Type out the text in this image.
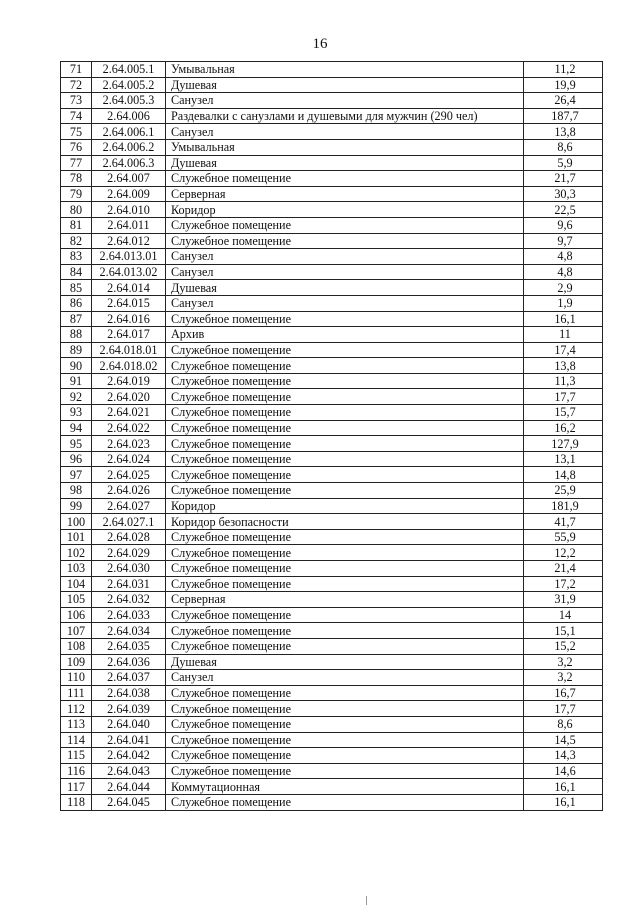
16
71	2.64.005.1	Умывальная	11,2
72	2.64.005.2	Душевая	19,9
73	2.64.005.3	Санузел	26,4
74	2.64.006	Раздевалки с санузлами и душевыми для мужчин (290 чел)	187,7
75	2.64.006.1	Санузел	13,8
76	2.64.006.2	Умывальная	8,6
77	2.64.006.3	Душевая	5,9
78	2.64.007	Служебное помещение	21,7
79	2.64.009	Серверная	30,3
80	2.64.010	Коридор	22,5
81	2.64.011	Служебное помещение	9,6
82	2.64.012	Служебное помещение	9,7
83	2.64.013.01	Санузел	4,8
84	2.64.013.02	Санузел	4,8
85	2.64.014	Душевая	2,9
86	2.64.015	Санузел	1,9
87	2.64.016	Служебное помещение	16,1
88	2.64.017	Архив	11
89	2.64.018.01	Служебное помещение	17,4
90	2.64.018.02	Служебное помещение	13,8
91	2.64.019	Служебное помещение	11,3
92	2.64.020	Служебное помещение	17,7
93	2.64.021	Служебное помещение	15,7
94	2.64.022	Служебное помещение	16,2
95	2.64.023	Служебное помещение	127,9
96	2.64.024	Служебное помещение	13,1
97	2.64.025	Служебное помещение	14,8
98	2.64.026	Служебное помещение	25,9
99	2.64.027	Коридор	181,9
100	2.64.027.1	Коридор безопасности	41,7
101	2.64.028	Служебное помещение	55,9
102	2.64.029	Служебное помещение	12,2
103	2.64.030	Служебное помещение	21,4
104	2.64.031	Служебное помещение	17,2
105	2.64.032	Серверная	31,9
106	2.64.033	Служебное помещение	14
107	2.64.034	Служебное помещение	15,1
108	2.64.035	Служебное помещение	15,2
109	2.64.036	Душевая	3,2
110	2.64.037	Санузел	3,2
111	2.64.038	Служебное помещение	16,7
112	2.64.039	Служебное помещение	17,7
113	2.64.040	Служебное помещение	8,6
114	2.64.041	Служебное помещение	14,5
115	2.64.042	Служебное помещение	14,3
116	2.64.043	Служебное помещение	14,6
117	2.64.044	Коммутационная	16,1
118	2.64.045	Служебное помещение	16,1
